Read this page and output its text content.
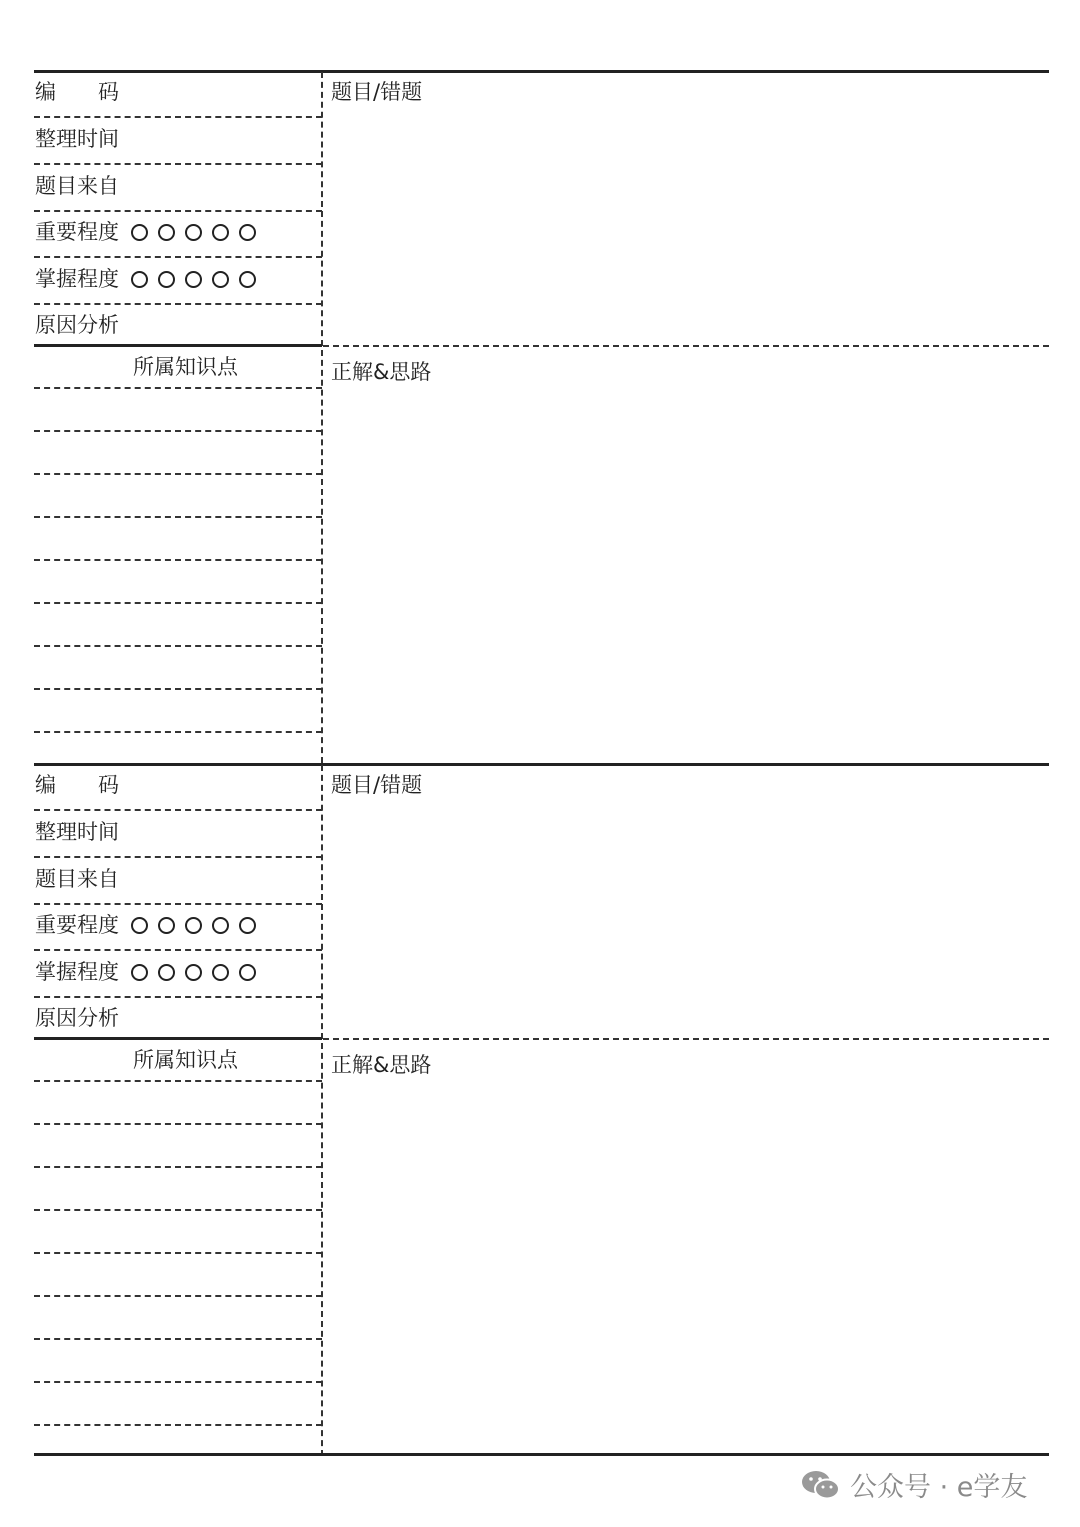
编　　码
整理时间
题目来自
重要程度
掌握程度
原因分析
所属知识点
题目/错题
正解&思路
编　　码
整理时间
题目来自
重要程度
掌握程度
原因分析
所属知识点
题目/错题
正解&思路
公众号 · e学友
